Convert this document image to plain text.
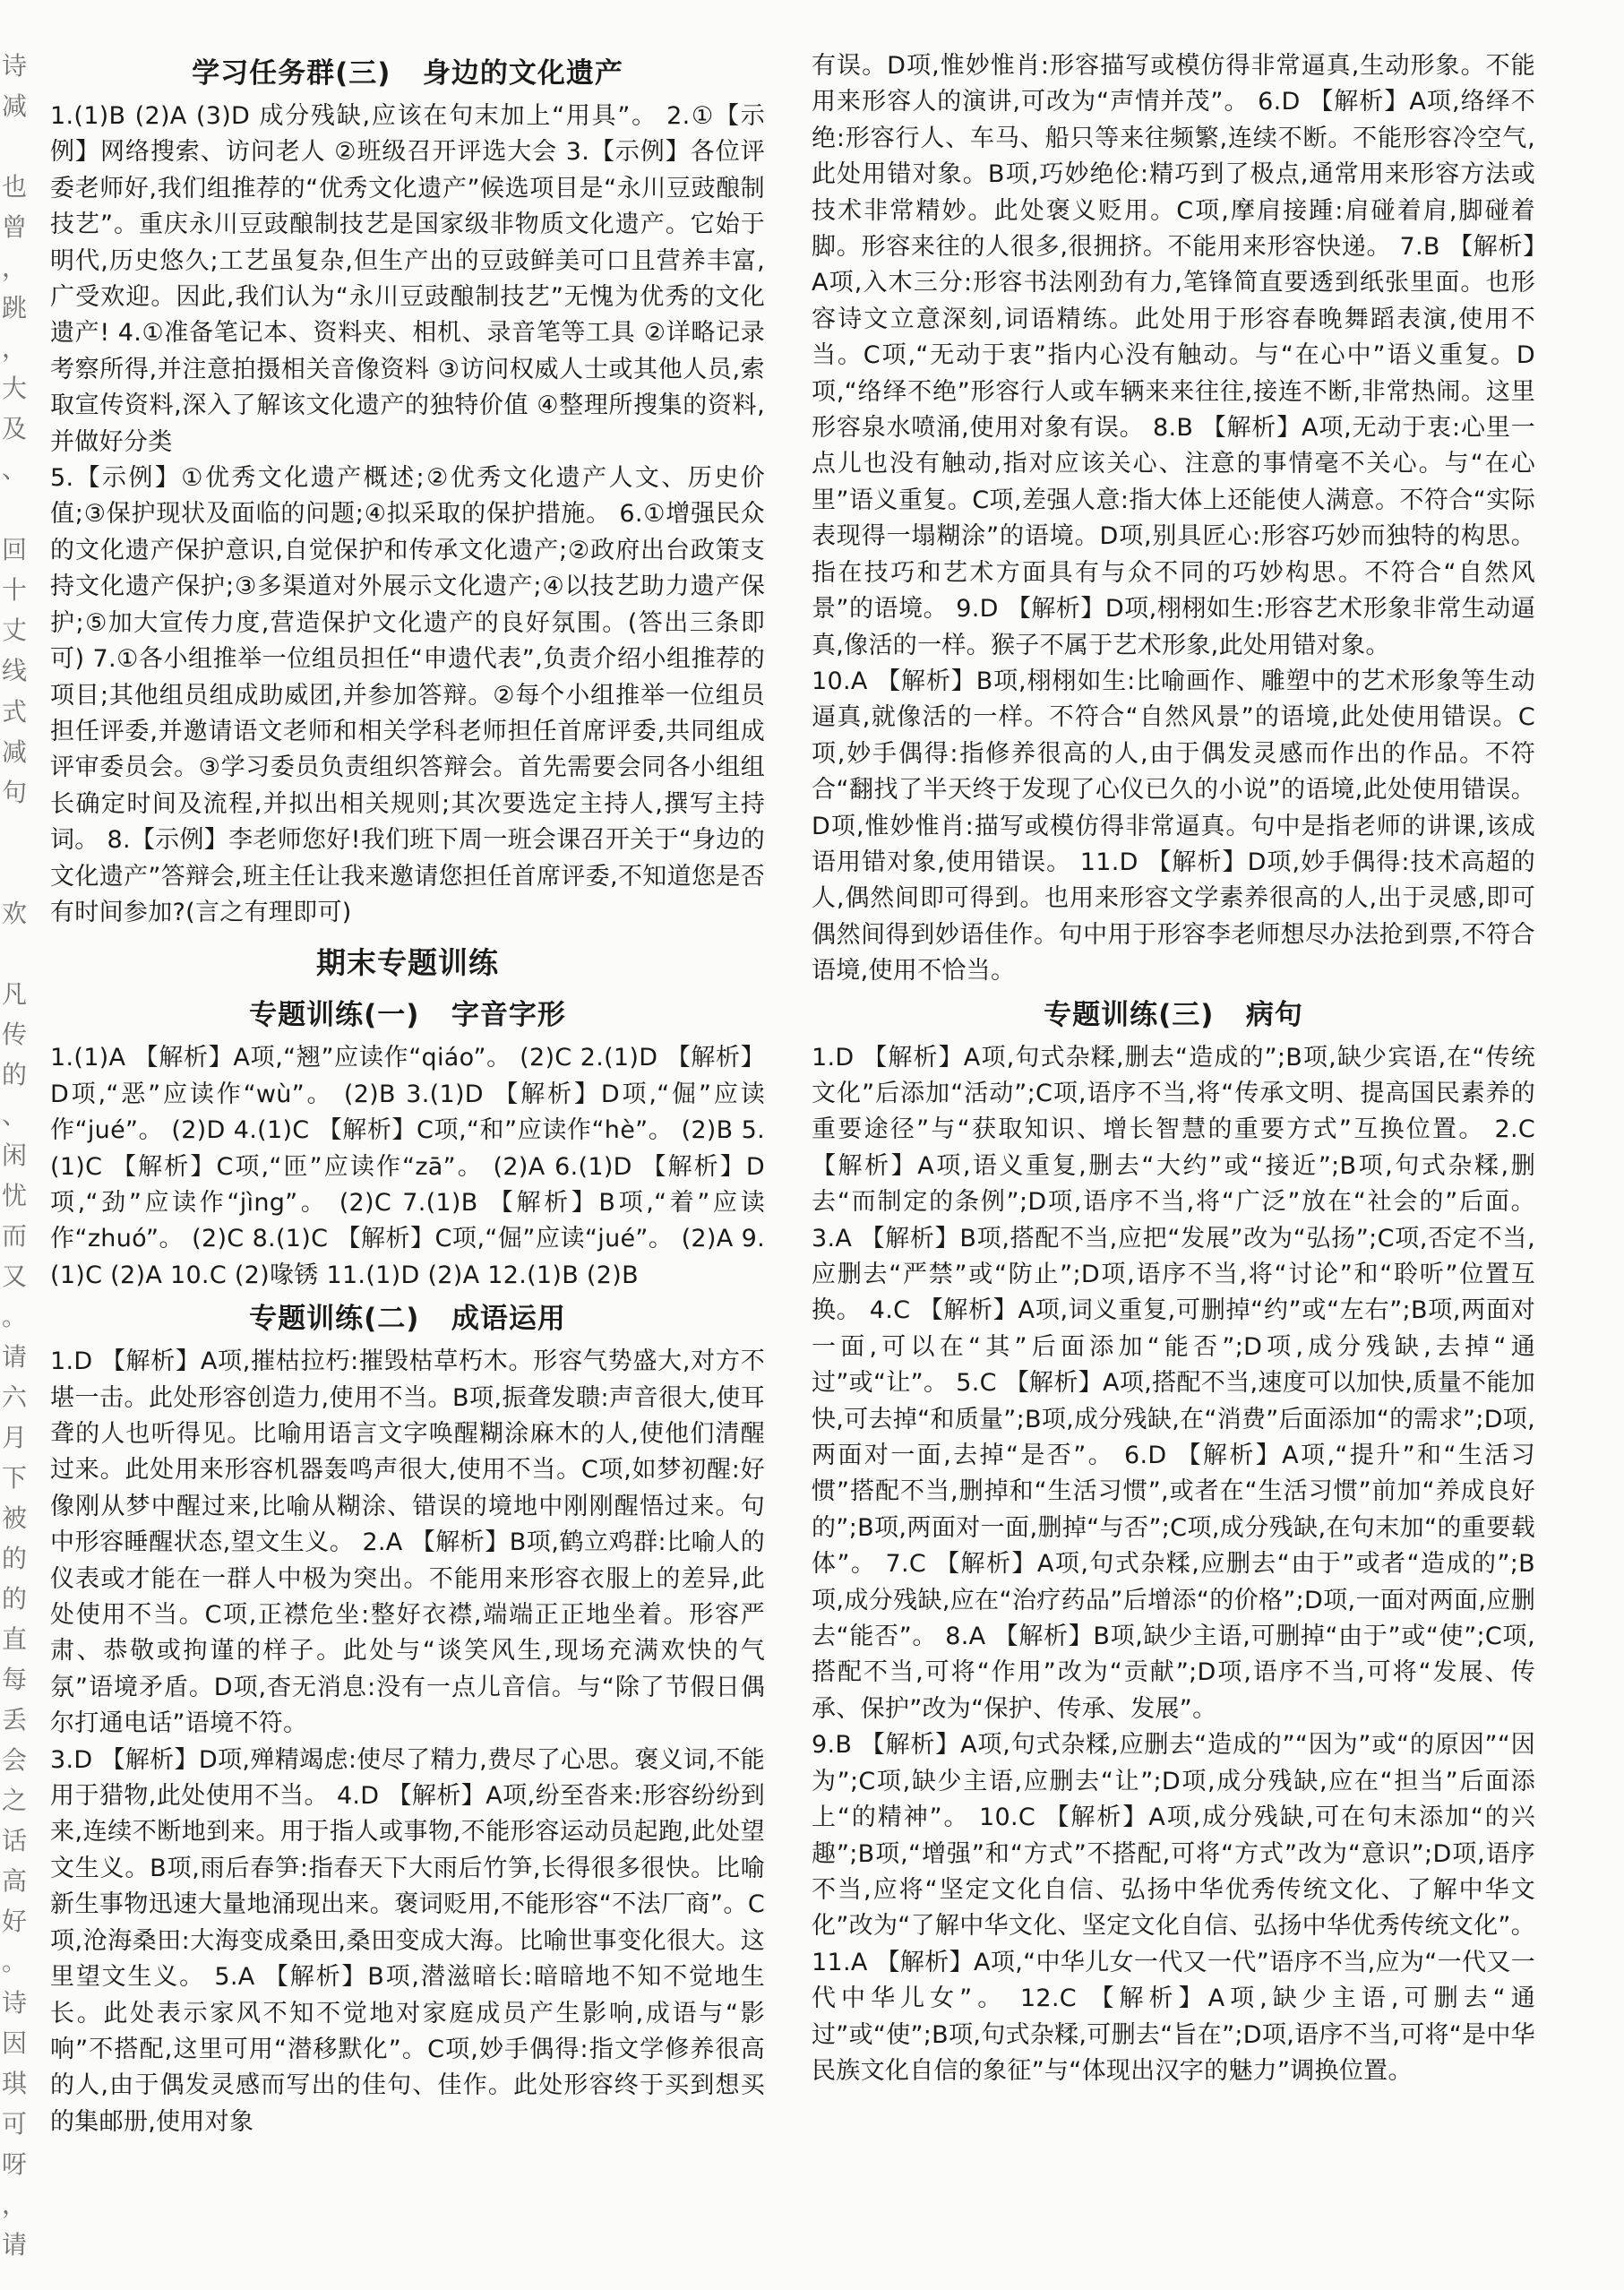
诗
减

也
曾
，
跳
，
大
及
、

回
十
丈
线
式
减
句

欢

凡
传
的
、
闲
忧
而
又
。
请
六
月
下
被
的
的
直
每
丢
会
之
话
高
好
。
诗
因
琪
可
呀
，
请
学习任务群(三)   身边的文化遗产
1.(1)B (2)A (3)D 成分残缺,应该在句末加上“用具”。 2.①【示例】网络搜索、访问老人 ②班级召开评选大会 3.【示例】各位评委老师好,我们组推荐的“优秀文化遗产”候选项目是“永川豆豉酿制技艺”。重庆永川豆豉酿制技艺是国家级非物质文化遗产。它始于明代,历史悠久;工艺虽复杂,但生产出的豆豉鲜美可口且营养丰富,广受欢迎。因此,我们认为“永川豆豉酿制技艺”无愧为优秀的文化遗产! 4.①准备笔记本、资料夹、相机、录音笔等工具 ②详略记录考察所得,并注意拍摄相关音像资料 ③访问权威人士或其他人员,索取宣传资料,深入了解该文化遗产的独特价值 ④整理所搜集的资料,并做好分类
5.【示例】①优秀文化遗产概述;②优秀文化遗产人文、历史价值;③保护现状及面临的问题;④拟采取的保护措施。 6.①增强民众的文化遗产保护意识,自觉保护和传承文化遗产;②政府出台政策支持文化遗产保护;③多渠道对外展示文化遗产;④以技艺助力遗产保护;⑤加大宣传力度,营造保护文化遗产的良好氛围。(答出三条即可) 7.①各小组推举一位组员担任“申遗代表”,负责介绍小组推荐的项目;其他组员组成助威团,并参加答辩。②每个小组推举一位组员担任评委,并邀请语文老师和相关学科老师担任首席评委,共同组成评审委员会。③学习委员负责组织答辩会。首先需要会同各小组组长确定时间及流程,并拟出相关规则;其次要选定主持人,撰写主持词。 8.【示例】李老师您好!我们班下周一班会课召开关于“身边的文化遗产”答辩会,班主任让我来邀请您担任首席评委,不知道您是否有时间参加?(言之有理即可)
期末专题训练
专题训练(一)   字音字形
1.(1)A 【解析】A项,“翘”应读作“qiáo”。 (2)C 2.(1)D 【解析】D项,“恶”应读作“wù”。 (2)B 3.(1)D 【解析】D项,“倔”应读作“jué”。 (2)D 4.(1)C 【解析】C项,“和”应读作“hè”。 (2)B 5.(1)C 【解析】C项,“匝”应读作“zā”。 (2)A 6.(1)D 【解析】D项,“劲”应读作“jìng”。 (2)C 7.(1)B 【解析】B项,“着”应读作“zhuó”。 (2)C 8.(1)C 【解析】C项,“倔”应读“jué”。 (2)A 9.(1)C (2)A 10.C (2)喙锈 11.(1)D (2)A 12.(1)B (2)B
专题训练(二)   成语运用
1.D 【解析】A项,摧枯拉朽:摧毁枯草朽木。形容气势盛大,对方不堪一击。此处形容创造力,使用不当。B项,振聋发聩:声音很大,使耳聋的人也听得见。比喻用语言文字唤醒糊涂麻木的人,使他们清醒过来。此处用来形容机器轰鸣声很大,使用不当。C项,如梦初醒:好像刚从梦中醒过来,比喻从糊涂、错误的境地中刚刚醒悟过来。句中形容睡醒状态,望文生义。 2.A 【解析】B项,鹤立鸡群:比喻人的仪表或才能在一群人中极为突出。不能用来形容衣服上的差异,此处使用不当。C项,正襟危坐:整好衣襟,端端正正地坐着。形容严肃、恭敬或拘谨的样子。此处与“谈笑风生,现场充满欢快的气氛”语境矛盾。D项,杳无消息:没有一点儿音信。与“除了节假日偶尔打通电话”语境不符。
3.D 【解析】D项,殚精竭虑:使尽了精力,费尽了心思。褒义词,不能用于猎物,此处使用不当。 4.D 【解析】A项,纷至沓来:形容纷纷到来,连续不断地到来。用于指人或事物,不能形容运动员起跑,此处望文生义。B项,雨后春笋:指春天下大雨后竹笋,长得很多很快。比喻新生事物迅速大量地涌现出来。褒词贬用,不能形容“不法厂商”。C项,沧海桑田:大海变成桑田,桑田变成大海。比喻世事变化很大。这里望文生义。 5.A 【解析】B项,潜滋暗长:暗暗地不知不觉地生长。此处表示家风不知不觉地对家庭成员产生影响,成语与“影响”不搭配,这里可用“潜移默化”。C项,妙手偶得:指文学修养很高的人,由于偶发灵感而写出的佳句、佳作。此处形容终于买到想买的集邮册,使用对象
有误。D项,惟妙惟肖:形容描写或模仿得非常逼真,生动形象。不能用来形容人的演讲,可改为“声情并茂”。 6.D 【解析】A项,络绎不绝:形容行人、车马、船只等来往频繁,连续不断。不能形容冷空气,此处用错对象。B项,巧妙绝伦:精巧到了极点,通常用来形容方法或技术非常精妙。此处褒义贬用。C项,摩肩接踵:肩碰着肩,脚碰着脚。形容来往的人很多,很拥挤。不能用来形容快递。 7.B 【解析】A项,入木三分:形容书法刚劲有力,笔锋简直要透到纸张里面。也形容诗文立意深刻,词语精练。此处用于形容春晚舞蹈表演,使用不当。C项,“无动于衷”指内心没有触动。与“在心中”语义重复。D项,“络绎不绝”形容行人或车辆来来往往,接连不断,非常热闹。这里形容泉水喷涌,使用对象有误。 8.B 【解析】A项,无动于衷:心里一点儿也没有触动,指对应该关心、注意的事情毫不关心。与“在心里”语义重复。C项,差强人意:指大体上还能使人满意。不符合“实际表现得一塌糊涂”的语境。D项,别具匠心:形容巧妙而独特的构思。指在技巧和艺术方面具有与众不同的巧妙构思。不符合“自然风景”的语境。 9.D 【解析】D项,栩栩如生:形容艺术形象非常生动逼真,像活的一样。猴子不属于艺术形象,此处用错对象。
10.A 【解析】B项,栩栩如生:比喻画作、雕塑中的艺术形象等生动逼真,就像活的一样。不符合“自然风景”的语境,此处使用错误。C项,妙手偶得:指修养很高的人,由于偶发灵感而作出的作品。不符合“翻找了半天终于发现了心仪已久的小说”的语境,此处使用错误。D项,惟妙惟肖:描写或模仿得非常逼真。句中是指老师的讲课,该成语用错对象,使用错误。 11.D 【解析】D项,妙手偶得:技术高超的人,偶然间即可得到。也用来形容文学素养很高的人,出于灵感,即可偶然间得到妙语佳作。句中用于形容李老师想尽办法抢到票,不符合语境,使用不恰当。
专题训练(三)   病句
1.D 【解析】A项,句式杂糅,删去“造成的”;B项,缺少宾语,在“传统文化”后添加“活动”;C项,语序不当,将“传承文明、提高国民素养的重要途径”与“获取知识、增长智慧的重要方式”互换位置。 2.C 【解析】A项,语义重复,删去“大约”或“接近”;B项,句式杂糅,删去“而制定的条例”;D项,语序不当,将“广泛”放在“社会的”后面。 3.A 【解析】B项,搭配不当,应把“发展”改为“弘扬”;C项,否定不当,应删去“严禁”或“防止”;D项,语序不当,将“讨论”和“聆听”位置互换。 4.C 【解析】A项,词义重复,可删掉“约”或“左右”;B项,两面对一面,可以在“其”后面添加“能否”;D项,成分残缺,去掉“通过”或“让”。 5.C 【解析】A项,搭配不当,速度可以加快,质量不能加快,可去掉“和质量”;B项,成分残缺,在“消费”后面添加“的需求”;D项,两面对一面,去掉“是否”。 6.D 【解析】A项,“提升”和“生活习惯”搭配不当,删掉和“生活习惯”,或者在“生活习惯”前加“养成良好的”;B项,两面对一面,删掉“与否”;C项,成分残缺,在句末加“的重要载体”。 7.C 【解析】A项,句式杂糅,应删去“由于”或者“造成的”;B项,成分残缺,应在“治疗药品”后增添“的价格”;D项,一面对两面,应删去“能否”。 8.A 【解析】B项,缺少主语,可删掉“由于”或“使”;C项,搭配不当,可将“作用”改为“贡献”;D项,语序不当,可将“发展、传承、保护”改为“保护、传承、发展”。
9.B 【解析】A项,句式杂糅,应删去“造成的”“因为”或“的原因”“因为”;C项,缺少主语,应删去“让”;D项,成分残缺,应在“担当”后面添上“的精神”。 10.C 【解析】A项,成分残缺,可在句末添加“的兴趣”;B项,“增强”和“方式”不搭配,可将“方式”改为“意识”;D项,语序不当,应将“坚定文化自信、弘扬中华优秀传统文化、了解中华文化”改为“了解中华文化、坚定文化自信、弘扬中华优秀传统文化”。 11.A 【解析】A项,“中华儿女一代又一代”语序不当,应为“一代又一代中华儿女”。 12.C 【解析】A项,缺少主语,可删去“通过”或“使”;B项,句式杂糅,可删去“旨在”;D项,语序不当,可将“是中华民族文化自信的象征”与“体现出汉字的魅力”调换位置。
